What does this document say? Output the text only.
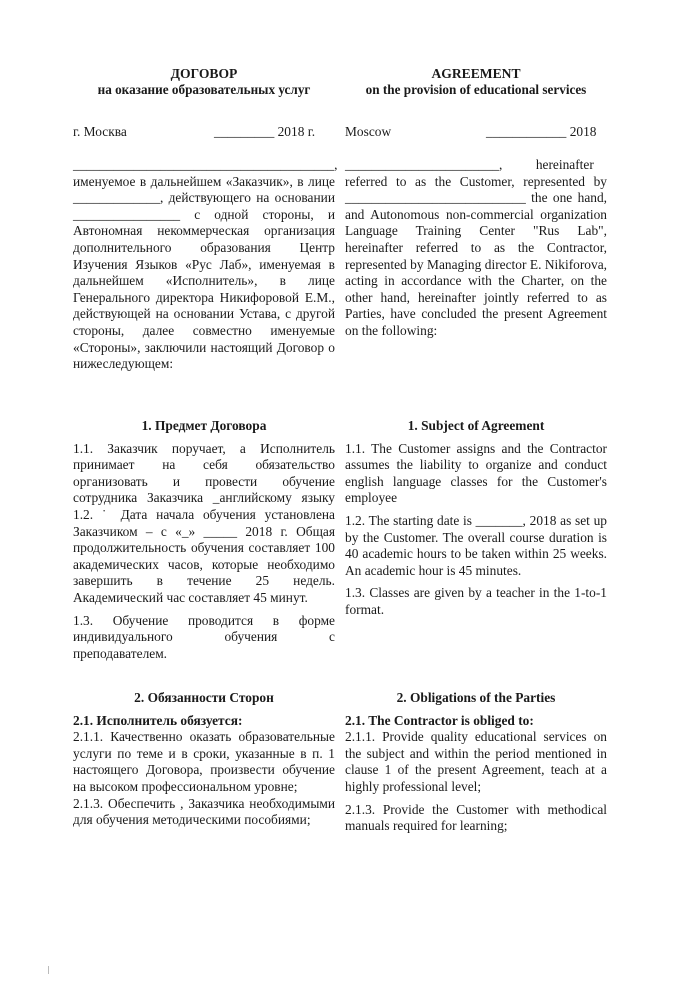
ДОГОВОР
на оказание образовательных услуг
AGREEMENT
on the provision of educational services
г. Москва	_________ 2018 г. Moscow	____________ 2018
_______________________________________,

именуемое в дальнейшем «Заказчик», в лице _____________, действующего на основании ________________ с одной стороны, и Автономная некоммерческая организация дополнительного образования Центр Изучения Языков «Рус Лаб», именуемая в дальнейшем «Исполнитель», в лице Генерального директора Никифоровой Е.М., действующей на основании Устава, с другой стороны, далее совместно именуемые «Стороны», заключили настоящий Договор о нижеследующем:

_______________________,          hereinafter

referred to as the Customer, represented by ___________________________ the one hand, and Autonomous non-commercial organization Language Training Center "Rus Lab", hereinafter referred to as the Contractor, represented by Managing director E. Nikiforova, acting in accordance with the Charter, on the other hand, hereinafter jointly referred to as Parties, have concluded the present Agreement on the following:

1. Предмет Договора

1.1. Заказчик поручает, а Исполнитель принимает на себя обязательство организовать и провести обучение сотрудника Заказчика _английскому языку 1.2. ˙ Дата начала обучения установлена Заказчиком – с «_» _____ 2018 г. Общая продолжительность обучения составляет 100 академических часов, которые необходимо завершить в течение 25 недель. Академический час составляет 45 минут.

1.3. Обучение проводится в форме индивидуального обучения с преподавателем.

1. Subject of Agreement

1.1. The Customer assigns and the Contractor assumes the liability to organize and conduct english language classes for the Customer's employee

1.2. The starting date is _______, 2018 as set up by the Customer. The overall course duration is 40 academic hours to be taken within 25 weeks. An academic hour is 45 minutes.

1.3. Classes are given by a teacher in the 1-to-1 format.

2. Обязанности Сторон
2.1. Исполнитель обязуется:

2.1.1. Качественно оказать образовательные услуги по теме и в сроки, указанные в п. 1 настоящего Договора, произвести обучение на высоком профессиональном уровне;

2.1.3. Обеспечить , Заказчика необходимыми для обучения методическими пособиями;

2. Obligations of the Parties
2.1. The Contractor is obliged to:

2.1.1. Provide quality educational services on the subject and within the period mentioned in clause 1 of the present Agreement, teach at a highly professional level;

2.1.3. Provide the Customer with methodical manuals required for learning;
